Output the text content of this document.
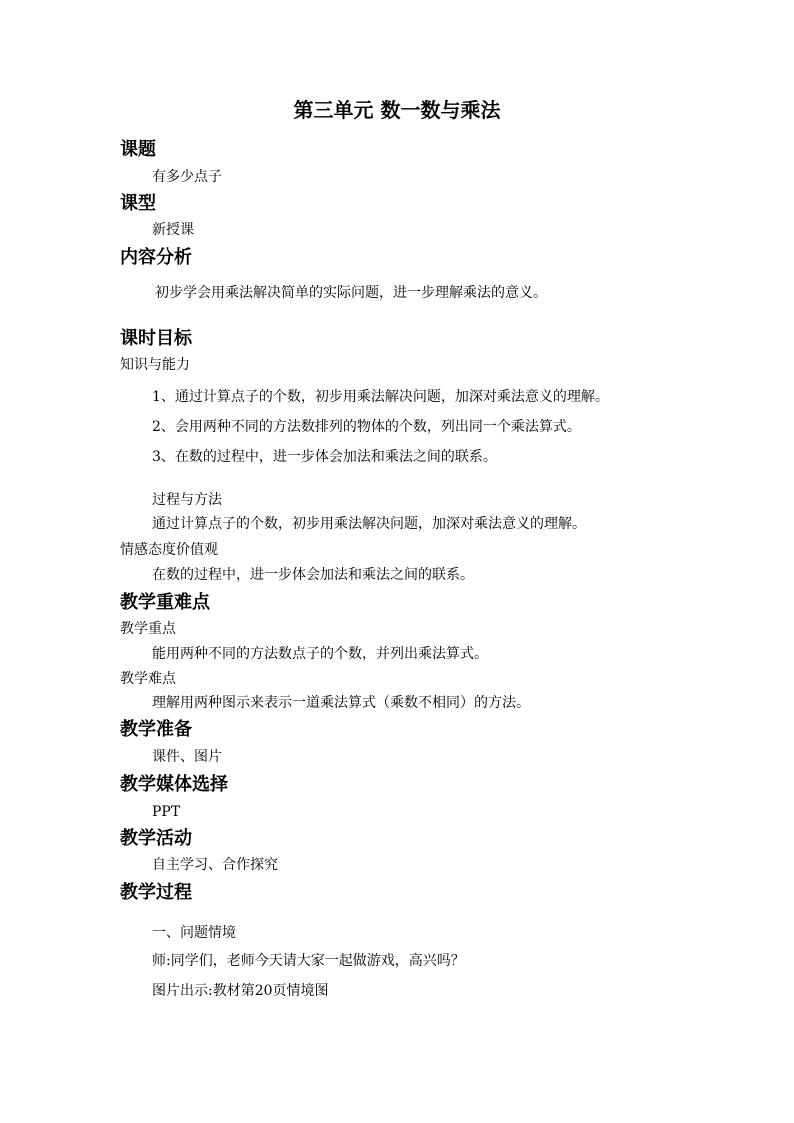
第三单元 数一数与乘法
课题
有多少点子
课型
新授课
内容分析
初步学会用乘法解决简单的实际问题，进一步理解乘法的意义。
课时目标
知识与能力
1、通过计算点子的个数，初步用乘法解决问题，加深对乘法意义的理解。
2、会用两种不同的方法数排列的物体的个数，列出同一个乘法算式。
3、在数的过程中，进一步体会加法和乘法之间的联系。
过程与方法
通过计算点子的个数，初步用乘法解决问题，加深对乘法意义的理解。
情感态度价值观
在数的过程中，进一步体会加法和乘法之间的联系。
教学重难点
教学重点
能用两种不同的方法数点子的个数，并列出乘法算式。
教学难点
理解用两种图示来表示一道乘法算式（乘数不相同）的方法。
教学准备
课件、图片
教学媒体选择
PPT
教学活动
自主学习、合作探究
教学过程
一、问题情境
师:同学们，老师今天请大家一起做游戏，高兴吗？
图片出示:教材第20页情境图
